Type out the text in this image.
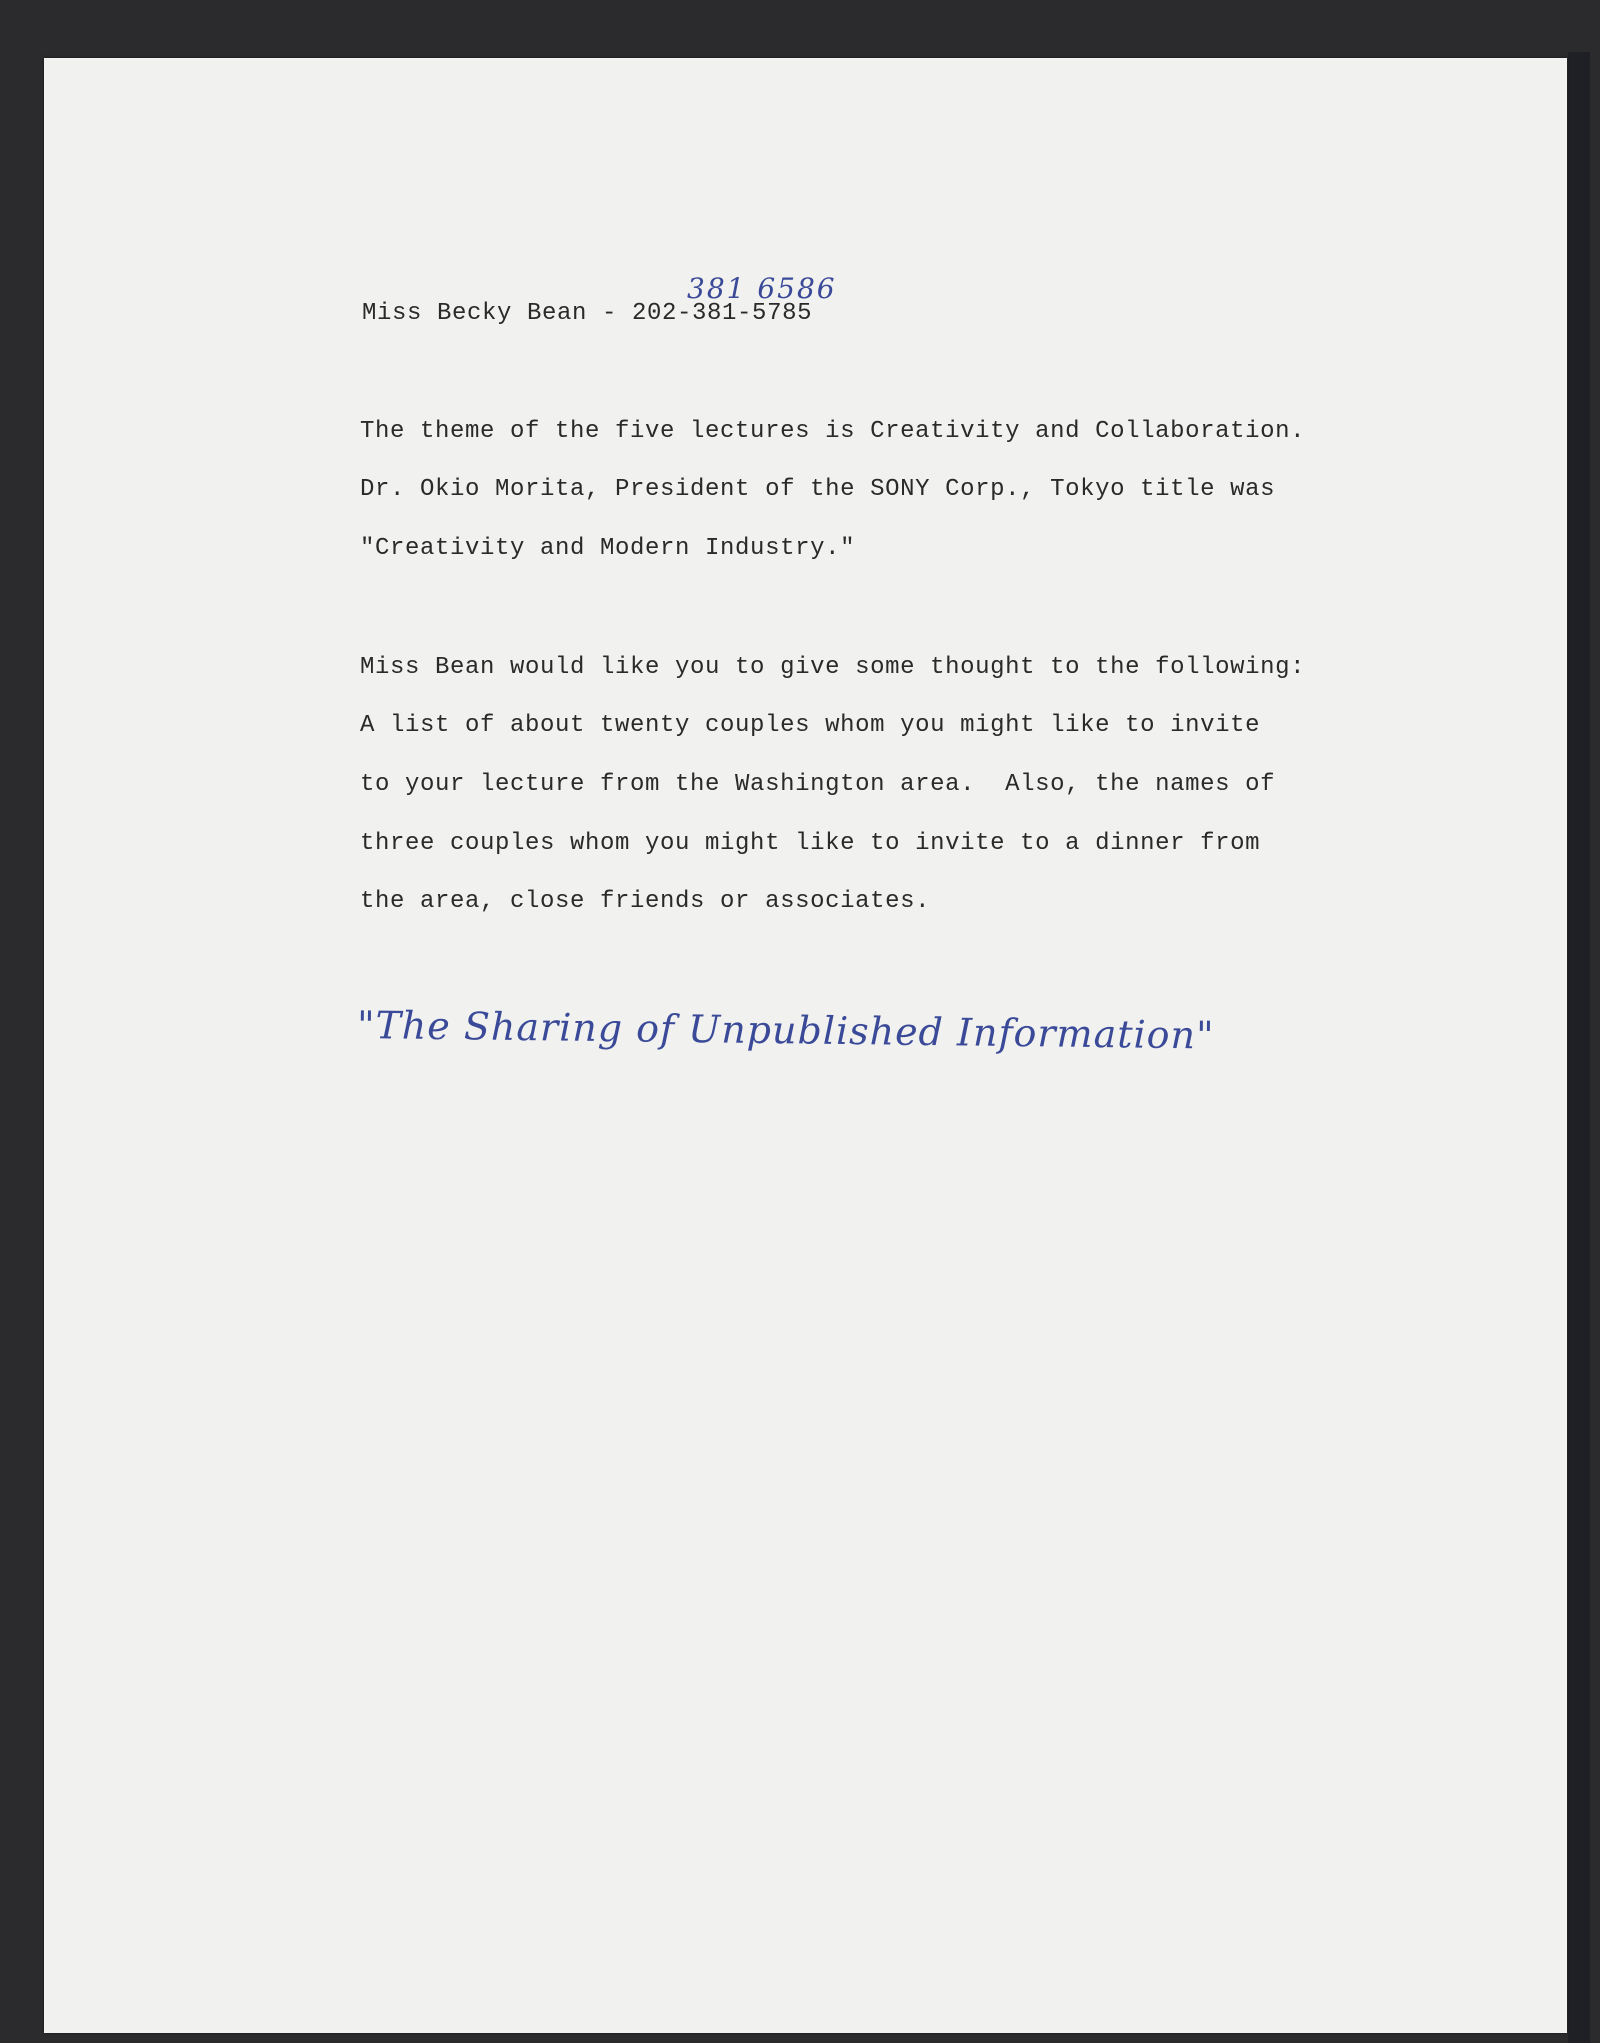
381 6586

Miss Becky Bean - 202-381-5785

The theme of the five lectures is Creativity and Collaboration.

Dr. Okio Morita, President of the SONY Corp., Tokyo title was

"Creativity and Modern Industry."

Miss Bean would like you to give some thought to the following:

A list of about twenty couples whom you might like to invite

to your lecture from the Washington area.  Also, the names of

three couples whom you might like to invite to a dinner from

the area, close friends or associates.

"The Sharing of Unpublished Information"
